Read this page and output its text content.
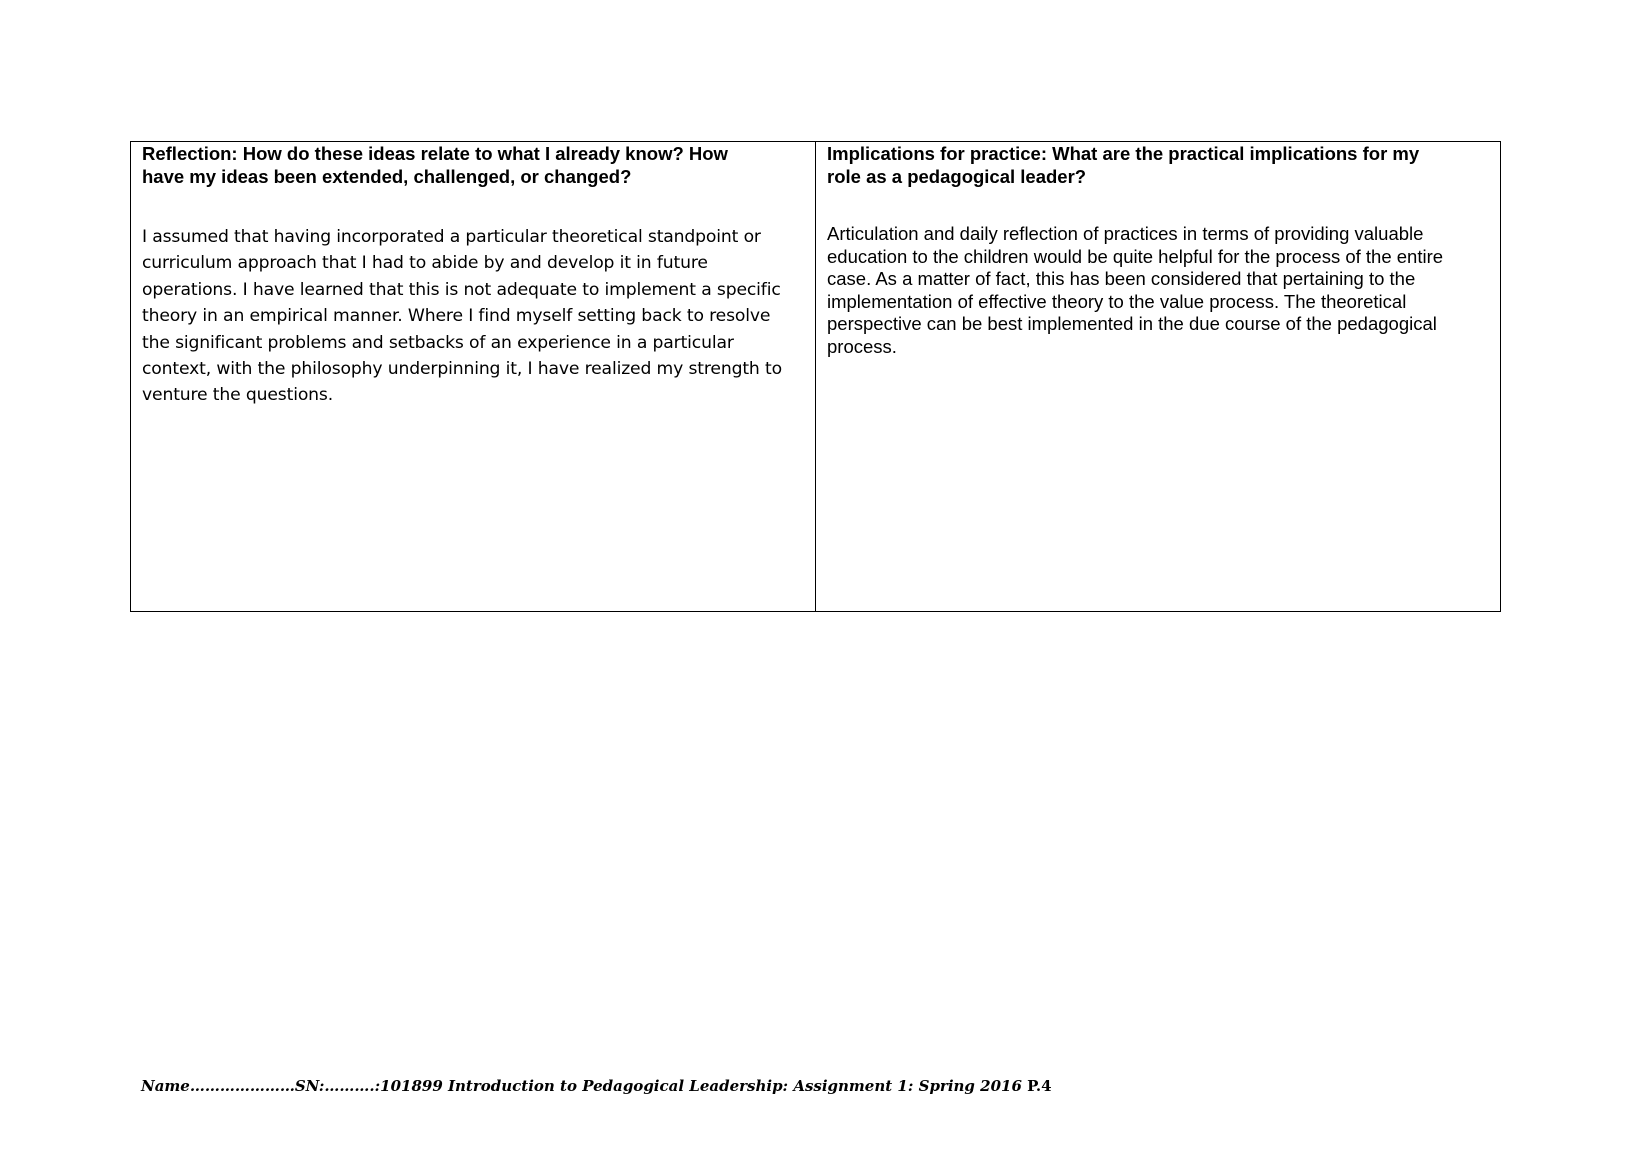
Reflection: How do these ideas relate to what I already know? How
have my ideas been extended, challenged, or changed?

I assumed that having incorporated a particular theoretical standpoint or
curriculum approach that I had to abide by and develop it in future
operations. I have learned that this is not adequate to implement a specific
theory in an empirical manner. Where I find myself setting back to resolve
the significant problems and setbacks of an experience in a particular
context, with the philosophy underpinning it, I have realized my strength to
venture the questions.

Implications for practice: What are the practical implications for my
role as a pedagogical leader?

Articulation and daily reflection of practices in terms of providing valuable
education to the children would be quite helpful for the process of the entire
case. As a matter of fact, this has been considered that pertaining to the
implementation of effective theory to the value process. The theoretical
perspective can be best implemented in the due course of the pedagogical
process.

Name…………………SN:……….:101899 Introduction to Pedagogical Leadership: Assignment 1: Spring 2016 P.4
